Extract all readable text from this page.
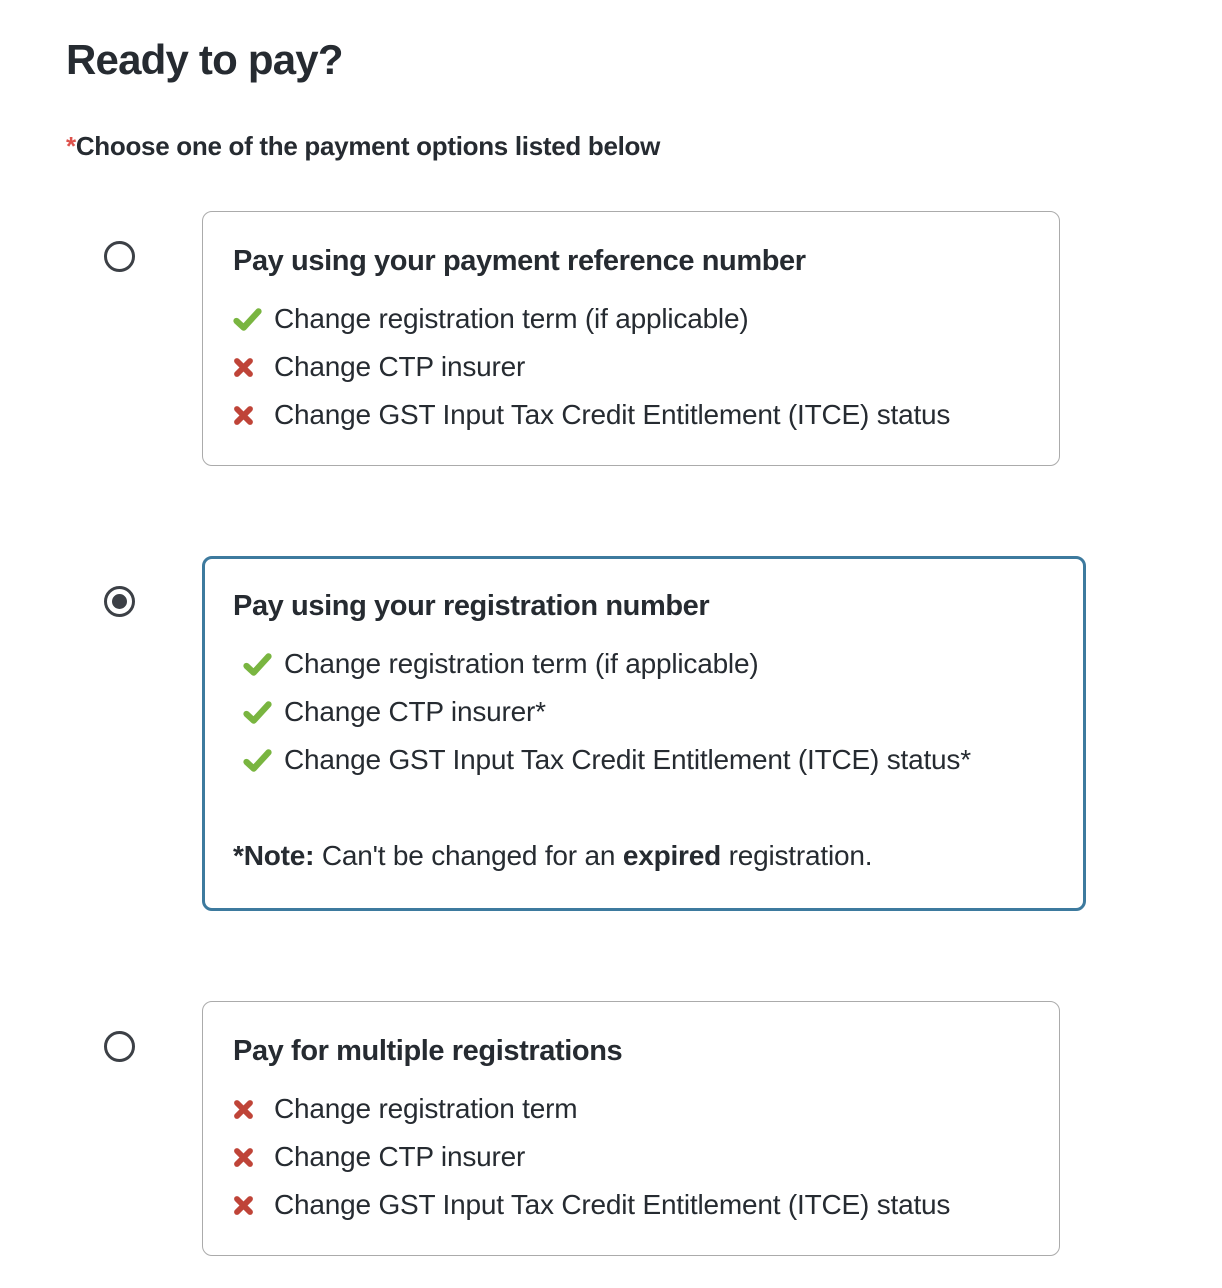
Ready to pay?

*Choose one of the payment options listed below

Pay using your payment reference number
Change registration term (if applicable)
Change CTP insurer
Change GST Input Tax Credit Entitlement (ITCE) status
Pay using your registration number
Change registration term (if applicable)
Change CTP insurer*
Change GST Input Tax Credit Entitlement (ITCE) status*

*Note: Can't be changed for an expired registration.

Pay for multiple registrations
Change registration term
Change CTP insurer
Change GST Input Tax Credit Entitlement (ITCE) status
